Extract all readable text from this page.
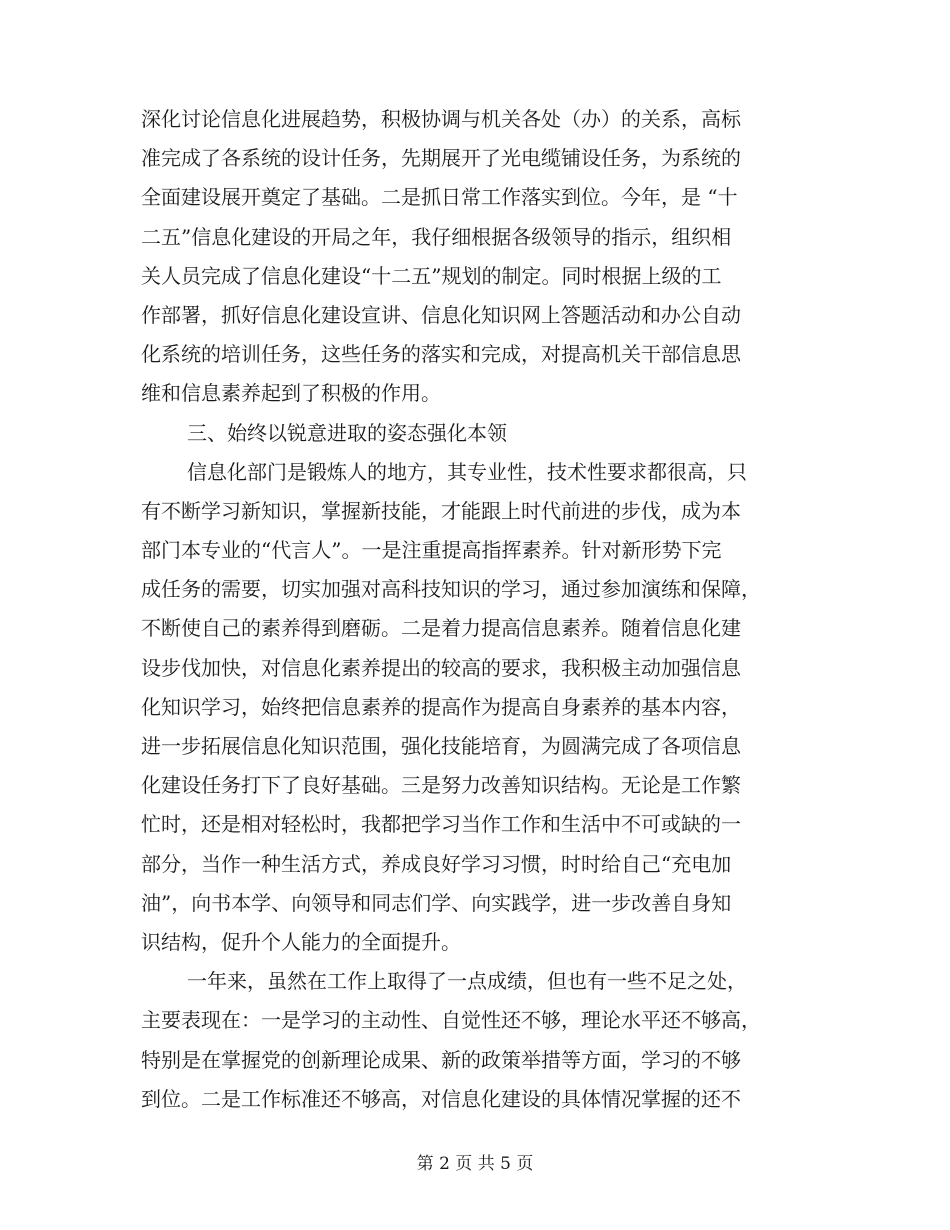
深化讨论信息化进展趋势，积极协调与机关各处（办）的关系，高标
准完成了各系统的设计任务，先期展开了光电缆铺设任务，为系统的
全面建设展开奠定了基础。二是抓日常工作落实到位。今年，是 “十
二五”信息化建设的开局之年，我仔细根据各级领导的指示，组织相
关人员完成了信息化建设“十二五”规划的制定。同时根据上级的工
作部署，抓好信息化建设宣讲、信息化知识网上答题活动和办公自动
化系统的培训任务，这些任务的落实和完成，对提高机关干部信息思
维和信息素养起到了积极的作用。
三、始终以锐意进取的姿态强化本领
信息化部门是锻炼人的地方，其专业性，技术性要求都很高，只
有不断学习新知识，掌握新技能，才能跟上时代前进的步伐，成为本
部门本专业的“代言人”。一是注重提高指挥素养。针对新形势下完
成任务的需要，切实加强对高科技知识的学习，通过参加演练和保障，
不断使自己的素养得到磨砺。二是着力提高信息素养。随着信息化建
设步伐加快，对信息化素养提出的较高的要求，我积极主动加强信息
化知识学习，始终把信息素养的提高作为提高自身素养的基本内容，
进一步拓展信息化知识范围，强化技能培育，为圆满完成了各项信息
化建设任务打下了良好基础。三是努力改善知识结构。无论是工作繁
忙时，还是相对轻松时，我都把学习当作工作和生活中不可或缺的一
部分，当作一种生活方式，养成良好学习习惯，时时给自己“充电加
油”，向书本学、向领导和同志们学、向实践学，进一步改善自身知
识结构，促升个人能力的全面提升。
一年来，虽然在工作上取得了一点成绩，但也有一些不足之处，
主要表现在：一是学习的主动性、自觉性还不够，理论水平还不够高，
特别是在掌握党的创新理论成果、新的政策举措等方面，学习的不够
到位。二是工作标准还不够高，对信息化建设的具体情况掌握的还不
第 2 页 共 5 页
